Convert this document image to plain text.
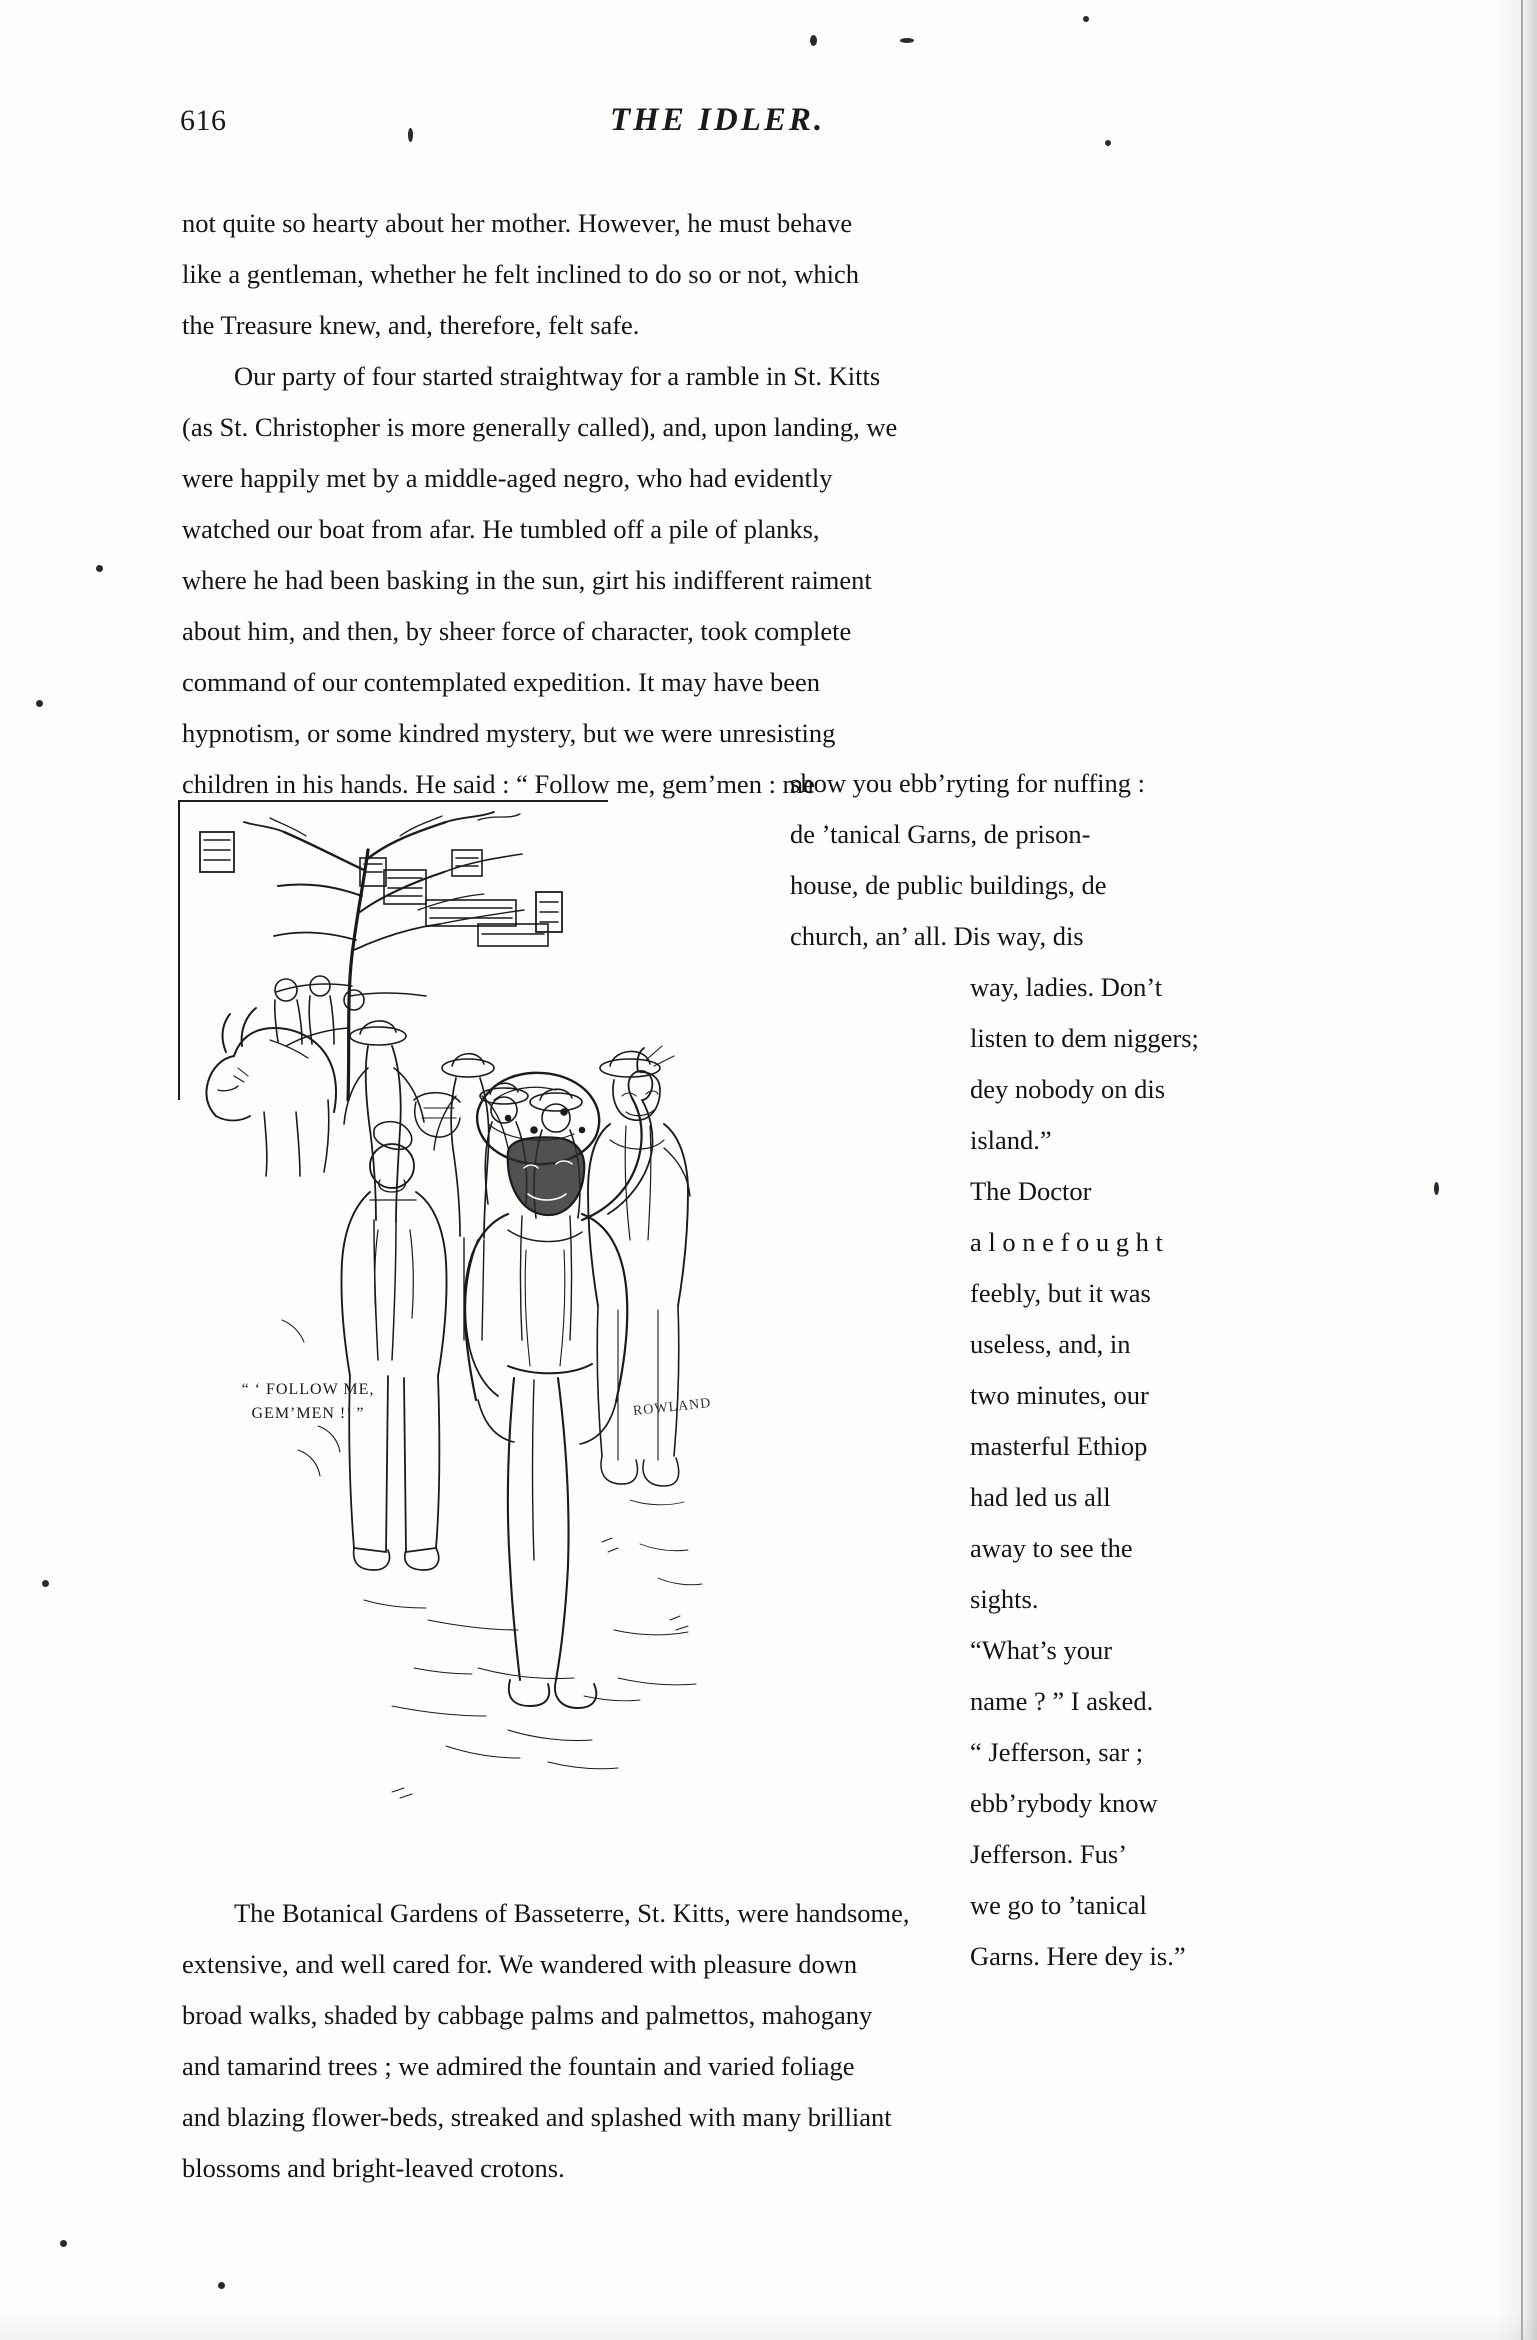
616	THE IDLER.

not quite so hearty about her mother. However, he must behave
like a gentleman, whether he felt inclined to do so or not, which
the Treasure knew, and, therefore, felt safe.

Our party of four started straightway for a ramble in St. Kitts
(as St. Christopher is more generally called), and, upon landing, we
were happily met by a middle-aged negro, who had evidently
watched our boat from afar. He tumbled off a pile of planks,
where he had been basking in the sun, girt his indifferent raiment
about him, and then, by sheer force of character, took complete
command of our contemplated expedition. It may have been
hypnotism, or some kindred mystery, but we were unresisting
children in his hands. He said : “ Follow me, gem’men : me

show you ebb’ryting for nuffing :
de ’tanical Garns, de prison-
house, de public buildings, de
church, an’ all. Dis way, dis

way, ladies. Don’t
listen to dem niggers;
dey nobody on dis
island.”
The Doctor
a l o n e f o u g h t
feebly, but it was
useless, and, in
two minutes, our
masterful Ethiop
had led us all
away to see the
sights.
“What’s your
name ? ” I asked.
“ Jefferson, sar ;
ebb’rybody know
Jefferson. Fus’
we go to ’tanical
Garns. Here dey is.”
“ ‘ FOLLOW ME,
GEM’MEN !’ ”	ROWLAND

The Botanical Gardens of Basseterre, St. Kitts, were handsome,
extensive, and well cared for. We wandered with pleasure down
broad walks, shaded by cabbage palms and palmettos, mahogany
and tamarind trees ; we admired the fountain and varied foliage
and blazing flower-beds, streaked and splashed with many brilliant
blossoms and bright-leaved crotons.
